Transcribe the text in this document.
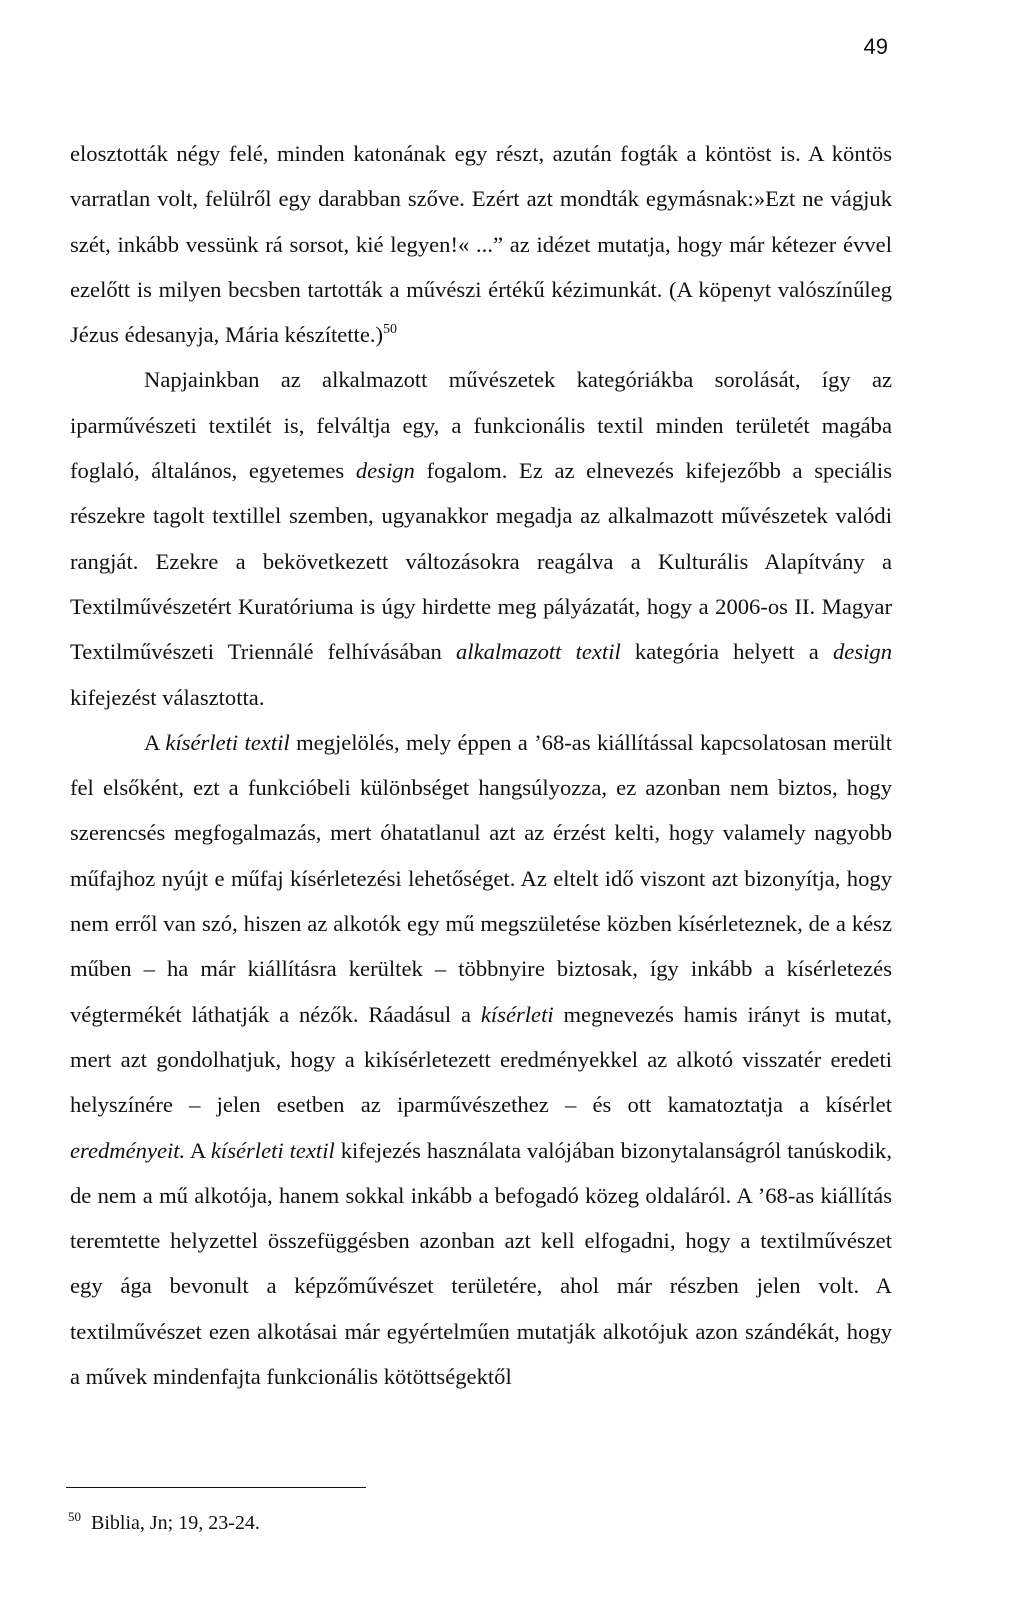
49

elosztották négy felé, minden katonának egy részt, azután fogták a köntöst is. A köntös varratlan volt, felülről egy darabban szőve. Ezért azt mondták egymásnak:»Ezt ne vágjuk szét, inkább vessünk rá sorsot, kié legyen!« ...” az idézet mutatja, hogy már kétezer évvel ezelőtt is milyen becsben tartották a művészi értékű kézimunkát. (A köpenyt valószínűleg Jézus édesanyja, Mária készítette.)$^{50}$

Napjainkban az alkalmazott művészetek kategóriákba sorolását, így az iparművészeti textilét is, felváltja egy, a funkcionális textil minden területét magába foglaló, általános, egyetemes design fogalom. Ez az elnevezés kifejezőbb a speciális részekre tagolt textillel szemben, ugyanakkor megadja az alkalmazott művészetek valódi rangját. Ezekre a bekövetkezett változásokra reagálva a Kulturális Alapítvány a Textilművészetért Kuratóriuma is úgy hirdette meg pályázatát, hogy a 2006-os II. Magyar Textilművészeti Triennálé felhívásában alkalmazott textil kategória helyett a design kifejezést választotta.

A kísérleti textil megjelölés, mely éppen a ’68-as kiállítással kapcsolatosan merült fel elsőként, ezt a funkcióbeli különbséget hangsúlyozza, ez azonban nem biztos, hogy szerencsés megfogalmazás, mert óhatatlanul azt az érzést kelti, hogy valamely nagyobb műfajhoz nyújt e műfaj kísérletezési lehetőséget. Az eltelt idő viszont azt bizonyítja, hogy nem erről van szó, hiszen az alkotók egy mű megszületése közben kísérleteznek, de a kész műben – ha már kiállításra kerültek – többnyire biztosak, így inkább a kísérletezés végtermékét láthatják a nézők. Ráadásul a kísérleti megnevezés hamis irányt is mutat, mert azt gondolhatjuk, hogy a kikísérletezett eredményekkel az alkotó visszatér eredeti helyszínére – jelen esetben az iparművészethez – és ott kamatoztatja a kísérlet eredményeit. A kísérleti textil kifejezés használata valójában bizonytalanságról tanúskodik, de nem a mű alkotója, hanem sokkal inkább a befogadó közeg oldaláról. A ’68-as kiállítás teremtette helyzettel összefüggésben azonban azt kell elfogadni, hogy a textilművészet egy ága bevonult a képzőművészet területére, ahol már részben jelen volt. A textilművészet ezen alkotásai már egyértelműen mutatják alkotójuk azon szándékát, hogy a művek mindenfajta funkcionális kötöttségektől

$^{50}$ Biblia, Jn; 19, 23-24.
